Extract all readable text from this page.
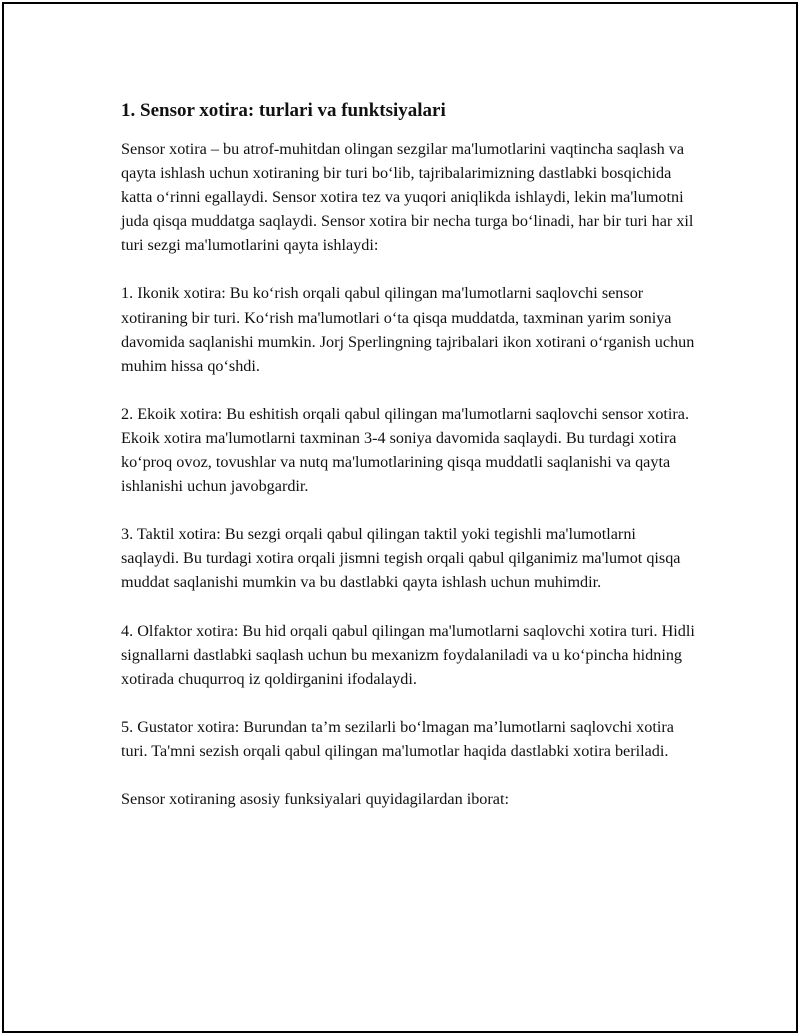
1. Sensor xotira: turlari va funktsiyalari

Sensor xotira – bu atrof-muhitdan olingan sezgilar ma'lumotlarini vaqtincha saqlash va qayta ishlash uchun xotiraning bir turi bo‘lib, tajribalarimizning dastlabki bosqichida katta o‘rinni egallaydi. Sensor xotira tez va yuqori aniqlikda ishlaydi, lekin ma'lumotni juda qisqa muddatga saqlaydi. Sensor xotira bir necha turga bo‘linadi, har bir turi har xil turi sezgi ma'lumotlarini qayta ishlaydi:

1. Ikonik xotira: Bu ko‘rish orqali qabul qilingan ma'lumotlarni saqlovchi sensor xotiraning bir turi. Ko‘rish ma'lumotlari o‘ta qisqa muddatda, taxminan yarim soniya davomida saqlanishi mumkin. Jorj Sperlingning tajribalari ikon xotirani o‘rganish uchun muhim hissa qo‘shdi.

2. Ekoik xotira: Bu eshitish orqali qabul qilingan ma'lumotlarni saqlovchi sensor xotira. Ekoik xotira ma'lumotlarni taxminan 3-4 soniya davomida saqlaydi. Bu turdagi xotira ko‘proq ovoz, tovushlar va nutq ma'lumotlarining qisqa muddatli saqlanishi va qayta ishlanishi uchun javobgardir.

3. Taktil xotira: Bu sezgi orqali qabul qilingan taktil yoki tegishli ma'lumotlarni saqlaydi. Bu turdagi xotira orqali jismni tegish orqali qabul qilganimiz ma'lumot qisqa muddat saqlanishi mumkin va bu dastlabki qayta ishlash uchun muhimdir.

4. Olfaktor xotira: Bu hid orqali qabul qilingan ma'lumotlarni saqlovchi xotira turi. Hidli signallarni dastlabki saqlash uchun bu mexanizm foydalaniladi va u ko‘pincha hidning xotirada chuqurroq iz qoldirganini ifodalaydi.

5. Gustator xotira: Burundan ta’m sezilarli bo‘lmagan ma’lumotlarni saqlovchi xotira turi. Ta'mni sezish orqali qabul qilingan ma'lumotlar haqida dastlabki xotira beriladi.

Sensor xotiraning asosiy funksiyalari quyidagilardan iborat:
